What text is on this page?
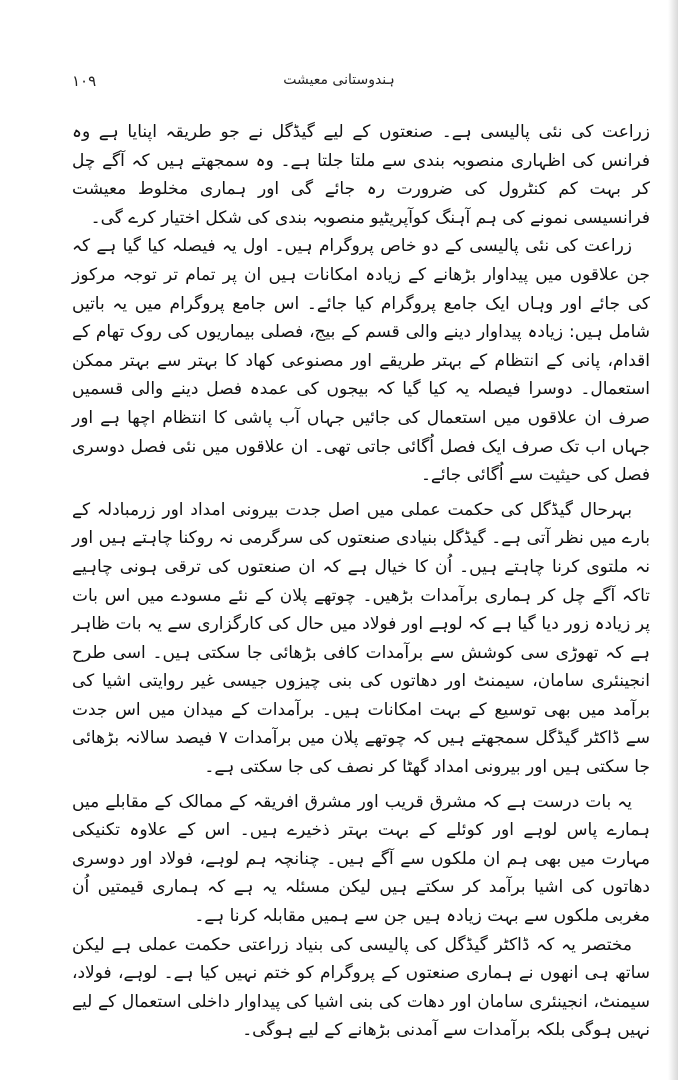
۱۰۹	ہندوستانی معیشت

زراعت کی نئی پالیسی ہے۔ صنعتوں کے لیے گیڈگل نے جو طریقہ اپنایا ہے وہ فرانس کی اظہاری منصوبہ بندی سے ملتا جلتا ہے۔ وہ سمجھتے ہیں کہ آگے چل کر بہت کم کنٹرول کی ضرورت رہ جائے گی اور ہماری مخلوط معیشت فرانسیسی نمونے کی ہم آہنگ کوآپریٹیو منصوبہ بندی کی شکل اختیار کرے گی۔

زراعت کی نئی پالیسی کے دو خاص پروگرام ہیں۔ اول یہ فیصلہ کیا گیا ہے کہ جن علاقوں میں پیداوار بڑھانے کے زیادہ امکانات ہیں ان پر تمام تر توجہ مرکوز کی جائے اور وہاں ایک جامع پروگرام کیا جائے۔ اس جامع پروگرام میں یہ باتیں شامل ہیں: زیادہ پیداوار دینے والی قسم کے بیج، فصلی بیماریوں کی روک تھام کے اقدام، پانی کے انتظام کے بہتر طریقے اور مصنوعی کھاد کا بہتر سے بہتر ممکن استعمال۔ دوسرا فیصلہ یہ کیا گیا کہ بیجوں کی عمدہ فصل دینے والی قسمیں صرف ان علاقوں میں استعمال کی جائیں جہاں آب پاشی کا انتظام اچھا ہے اور جہاں اب تک صرف ایک فصل اُگائی جاتی تھی۔ ان علاقوں میں نئی فصل دوسری فصل کی حیثیت سے اُگائی جائے۔

بہرحال گیڈگل کی حکمت عملی میں اصل جدت بیرونی امداد اور زرمبادلہ کے بارے میں نظر آتی ہے۔ گیڈگل بنیادی صنعتوں کی سرگرمی نہ روکنا چاہتے ہیں اور نہ ملتوی کرنا چاہتے ہیں۔ اُن کا خیال ہے کہ ان صنعتوں کی ترقی ہونی چاہیے تاکہ آگے چل کر ہماری برآمدات بڑھیں۔ چوتھے پلان کے نئے مسودے میں اس بات پر زیادہ زور دیا گیا ہے کہ لوہے اور فولاد میں حال کی کارگزاری سے یہ بات ظاہر ہے کہ تھوڑی سی کوشش سے برآمدات کافی بڑھائی جا سکتی ہیں۔ اسی طرح انجینئری سامان، سیمنٹ اور دھاتوں کی بنی چیزوں جیسی غیر روایتی اشیا کی برآمد میں بھی توسیع کے بہت امکانات ہیں۔ برآمدات کے میدان میں اس جدت سے ڈاکٹر گیڈگل سمجھتے ہیں کہ چوتھے پلان میں برآمدات ۷ فیصد سالانہ بڑھائی جا سکتی ہیں اور بیرونی امداد گھٹا کر نصف کی جا سکتی ہے۔

یہ بات درست ہے کہ مشرق قریب اور مشرق افریقہ کے ممالک کے مقابلے میں ہمارے پاس لوہے اور کوئلے کے بہت بہتر ذخیرے ہیں۔ اس کے علاوہ تکنیکی مہارت میں بھی ہم ان ملکوں سے آگے ہیں۔ چنانچہ ہم لوہے، فولاد اور دوسری دھاتوں کی اشیا برآمد کر سکتے ہیں لیکن مسئلہ یہ ہے کہ ہماری قیمتیں اُن مغربی ملکوں سے بہت زیادہ ہیں جن سے ہمیں مقابلہ کرنا ہے۔

مختصر یہ کہ ڈاکٹر گیڈگل کی پالیسی کی بنیاد زراعتی حکمت عملی ہے لیکن ساتھ ہی انھوں نے ہماری صنعتوں کے پروگرام کو ختم نہیں کیا ہے۔ لوہے، فولاد، سیمنٹ، انجینئری سامان اور دھات کی بنی اشیا کی پیداوار داخلی استعمال کے لیے نہیں ہوگی بلکہ برآمدات سے آمدنی بڑھانے کے لیے ہوگی۔
